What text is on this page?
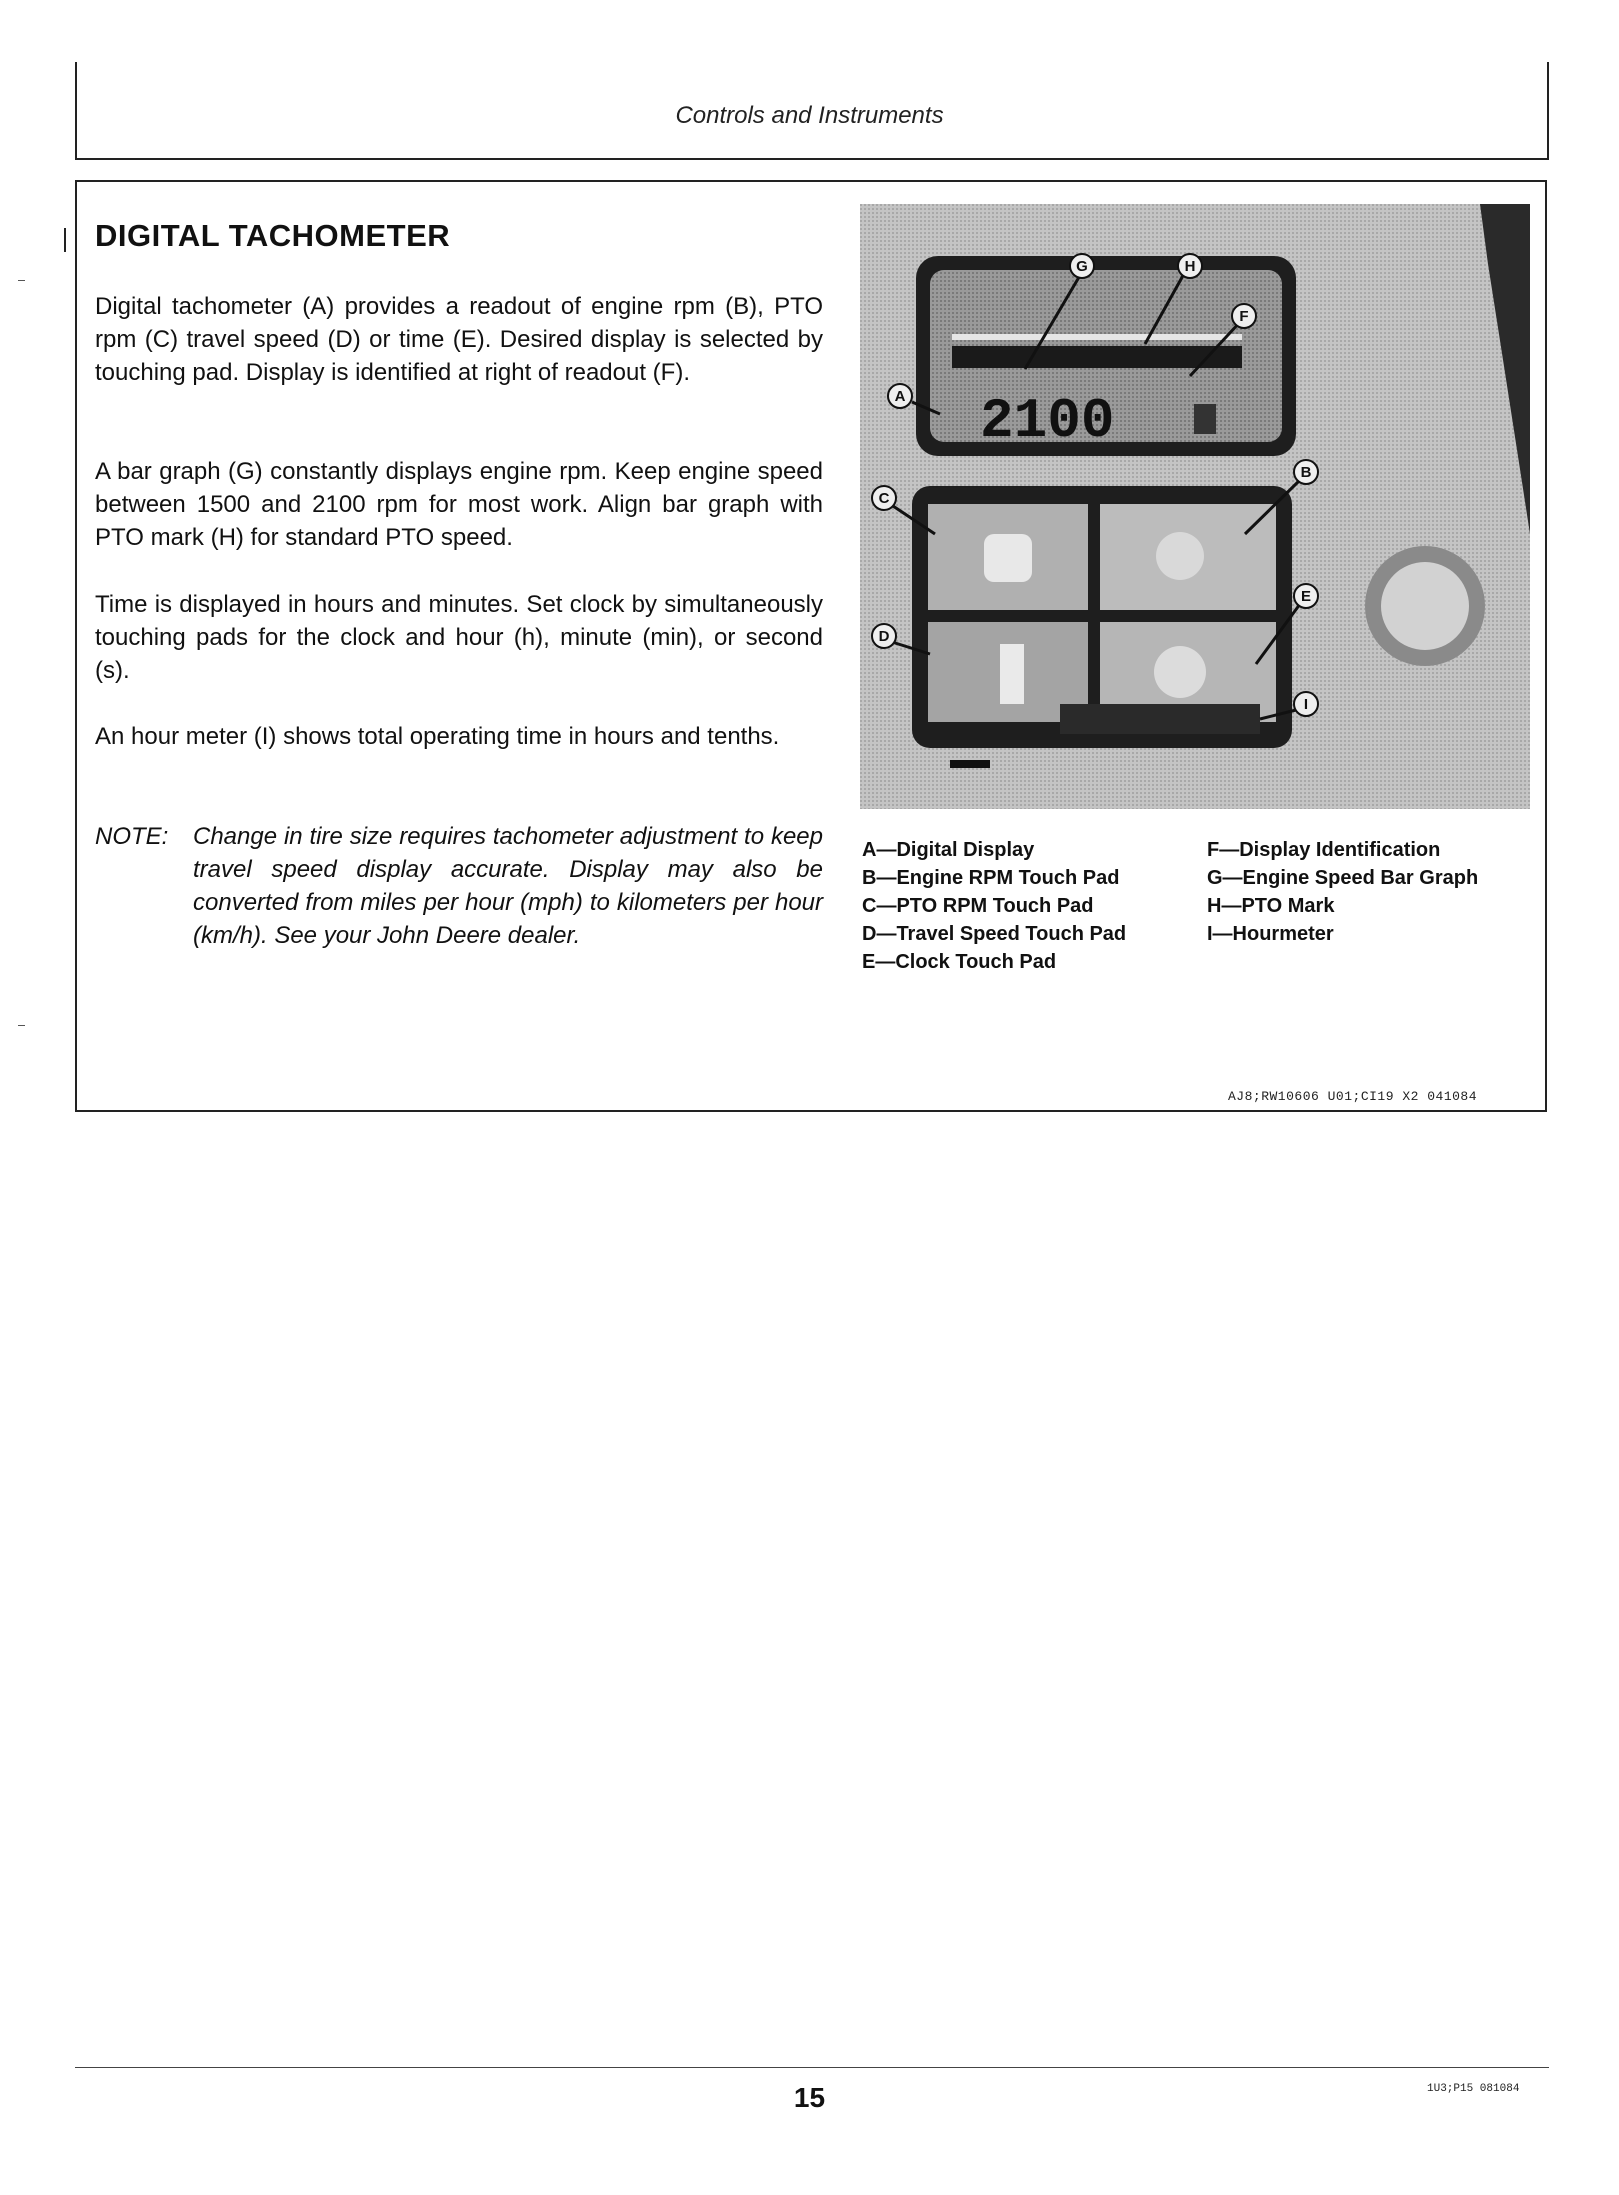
Controls and Instruments
DIGITAL TACHOMETER
Digital tachometer (A) provides a readout of engine rpm (B), PTO rpm (C) travel speed (D) or time (E). Desired display is selected by touching pad. Display is identified at right of readout (F).
A bar graph (G) constantly displays engine rpm. Keep engine speed between 1500 and 2100 rpm for most work. Align bar graph with PTO mark (H) for standard PTO speed.
Time is displayed in hours and minutes. Set clock by simultaneously touching pads for the clock and hour (h), minute (min), or second (s).
An hour meter (I) shows total operating time in hours and tenths.
NOTE: Change in tire size requires tachometer adjustment to keep travel speed display accurate. Display may also be converted from miles per hour (mph) to kilometers per hour (km/h). See your John Deere dealer.
2100
G	H
F
A
C
B
D
E
I
A—Digital Display
B—Engine RPM Touch Pad
C—PTO RPM Touch Pad
D—Travel Speed Touch Pad
E—Clock Touch Pad
F—Display Identification
G—Engine Speed Bar Graph
H—PTO Mark
I—Hourmeter
AJ8;RW10606 U01;CI19 X2 041084
15	1U3;P15 081084
